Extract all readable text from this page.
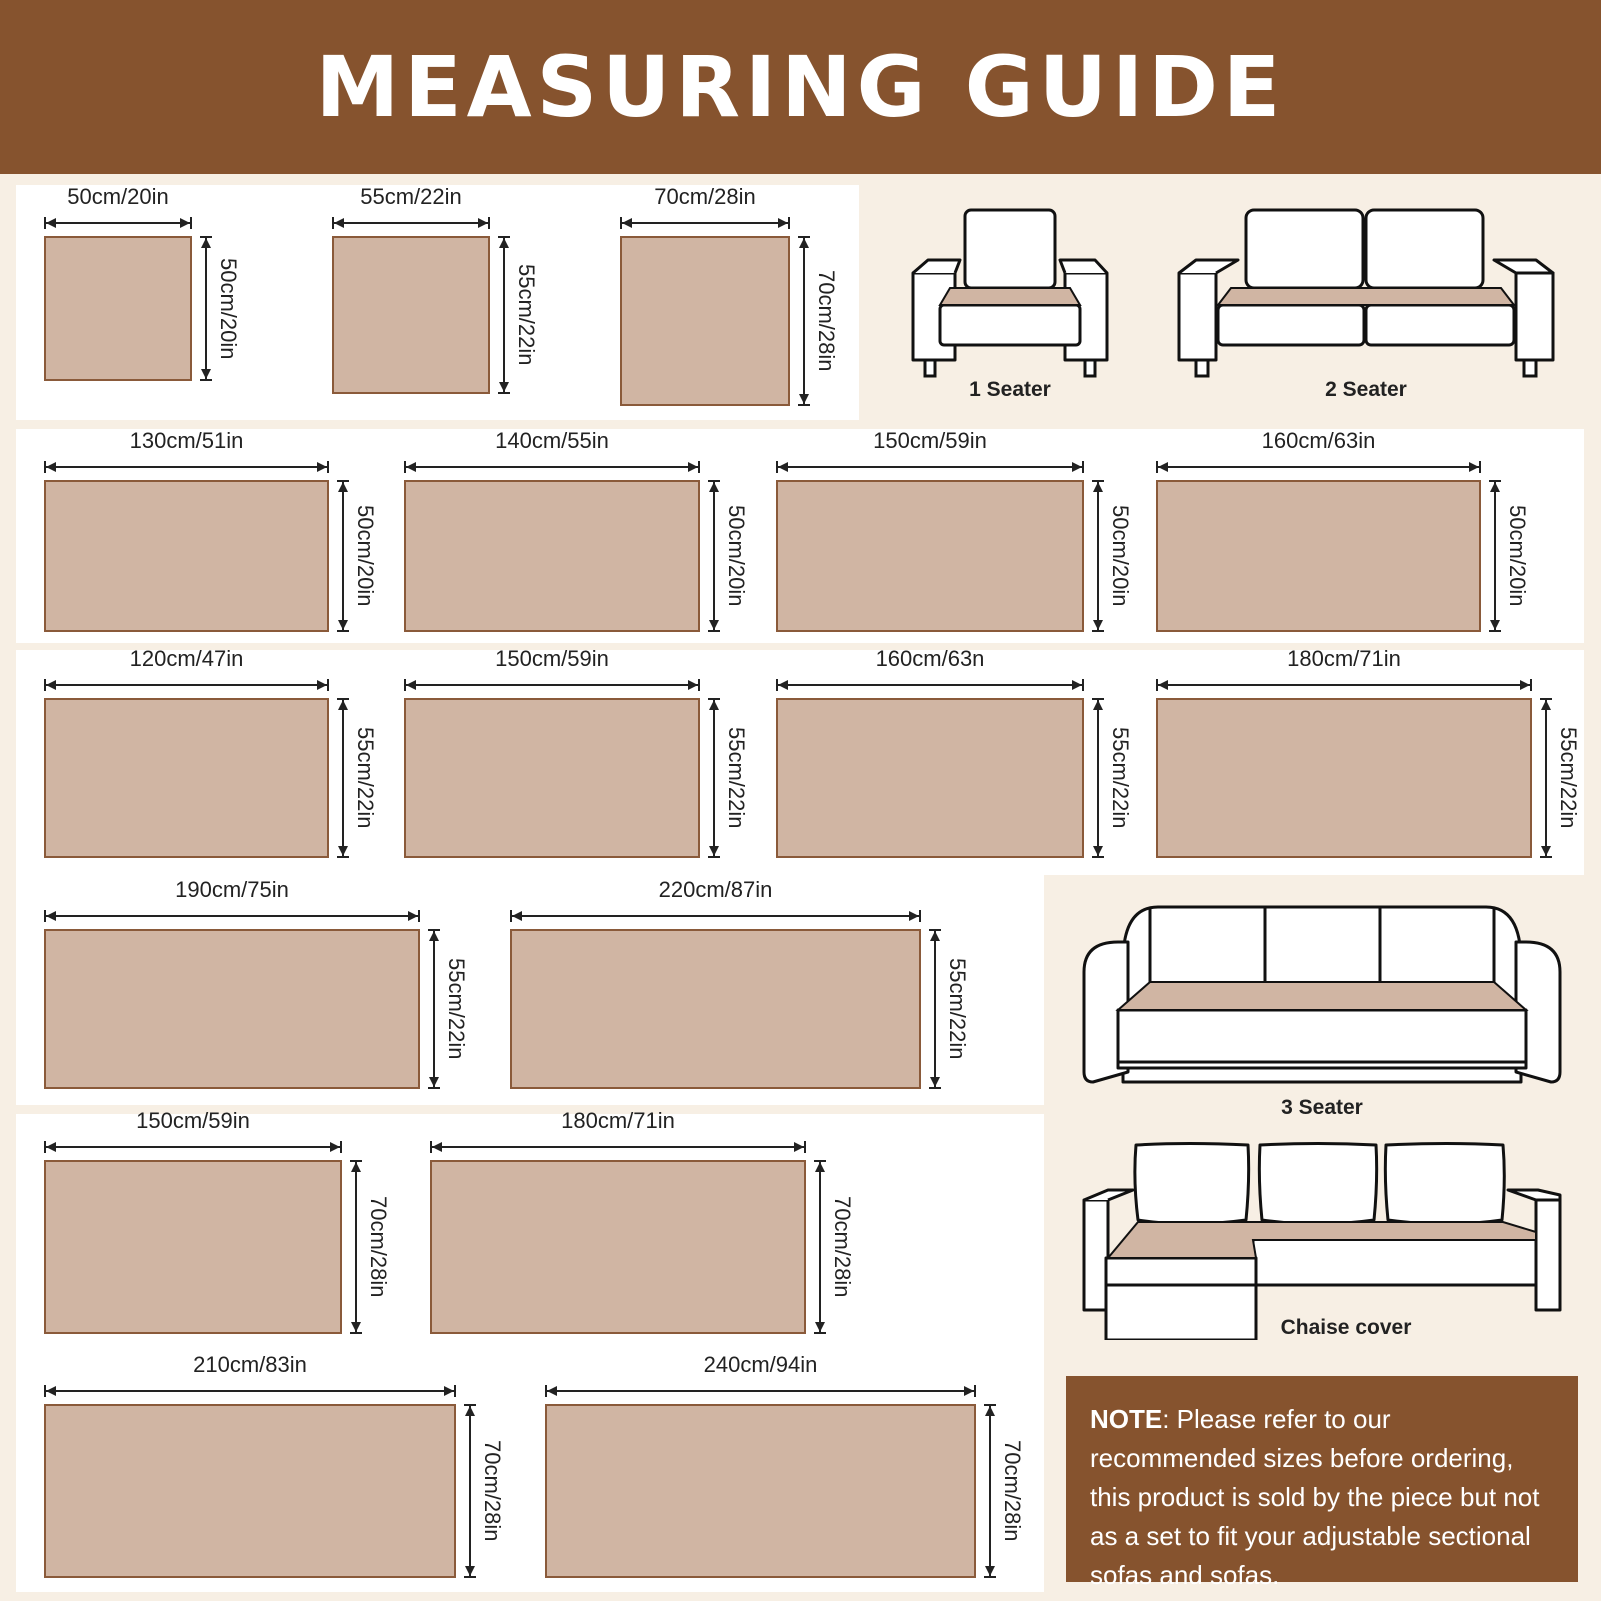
MEASURING GUIDE
50cm/20in
50cm/20in
55cm/22in
55cm/22in
70cm/28in
70cm/28in
130cm/51in
50cm/20in
140cm/55in
50cm/20in
150cm/59in
50cm/20in
160cm/63in
50cm/20in
120cm/47in
55cm/22in
150cm/59in
55cm/22in
160cm/63n
55cm/22in
180cm/71in
55cm/22in
190cm/75in
55cm/22in
220cm/87in
55cm/22in
150cm/59in
70cm/28in
180cm/71in
70cm/28in
210cm/83in
70cm/28in
240cm/94in
70cm/28in
1 Seater	2 Seater
3 Seater
Chaise cover
NOTE: Please refer to our recommended sizes before ordering, this product is sold by the piece but not as a set to fit your adjustable sectional sofas and sofas.
